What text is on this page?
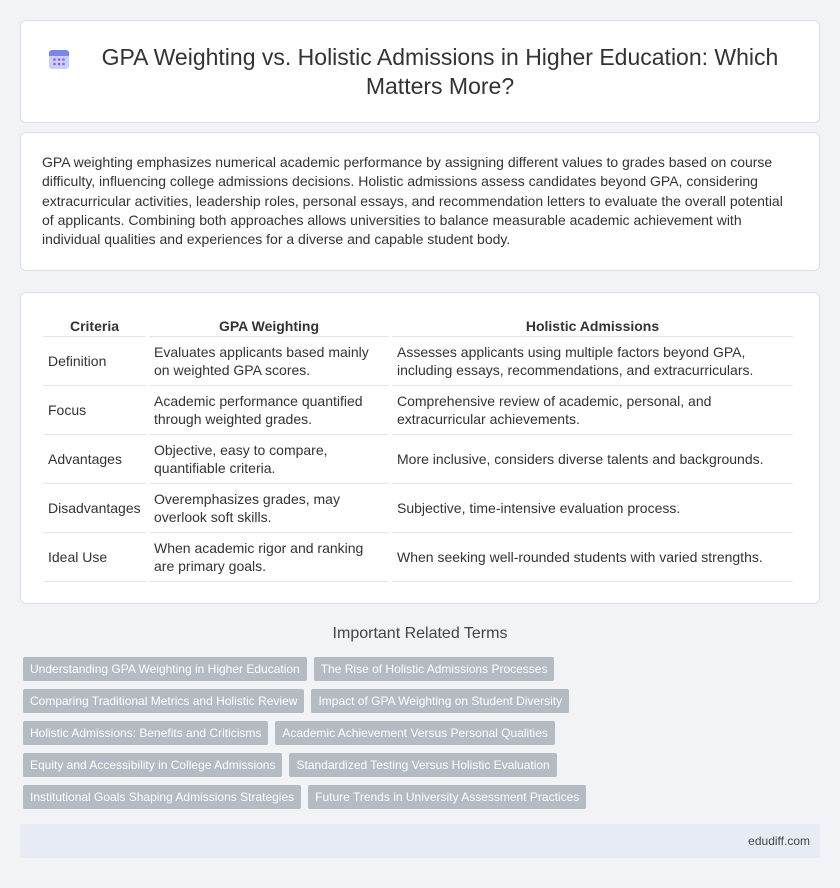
GPA Weighting vs. Holistic Admissions in Higher Education: Which Matters More?

GPA weighting emphasizes numerical academic performance by assigning different values to grades based on course difficulty, influencing college admissions decisions. Holistic admissions assess candidates beyond GPA, considering extracurricular activities, leadership roles, personal essays, and recommendation letters to evaluate the overall potential of applicants. Combining both approaches allows universities to balance measurable academic achievement with individual qualities and experiences for a diverse and capable student body.

Criteria	GPA Weighting	Holistic Admissions
Definition	Evaluates applicants based mainly on weighted GPA scores.	Assesses applicants using multiple factors beyond GPA, including essays, recommendations, and extracurriculars.
Focus	Academic performance quantified through weighted grades.	Comprehensive review of academic, personal, and extracurricular achievements.
Advantages	Objective, easy to compare, quantifiable criteria.	More inclusive, considers diverse talents and backgrounds.
Disadvantages	Overemphasizes grades, may overlook soft skills.	Subjective, time-intensive evaluation process.
Ideal Use	When academic rigor and ranking are primary goals.	When seeking well-rounded students with varied strengths.
Important Related Terms
Understanding GPA Weighting in Higher Education	The Rise of Holistic Admissions Processes
Comparing Traditional Metrics and Holistic Review	Impact of GPA Weighting on Student Diversity
Holistic Admissions: Benefits and Criticisms	Academic Achievement Versus Personal Qualities
Equity and Accessibility in College Admissions	Standardized Testing Versus Holistic Evaluation
Institutional Goals Shaping Admissions Strategies	Future Trends in University Assessment Practices
edudiff.com
